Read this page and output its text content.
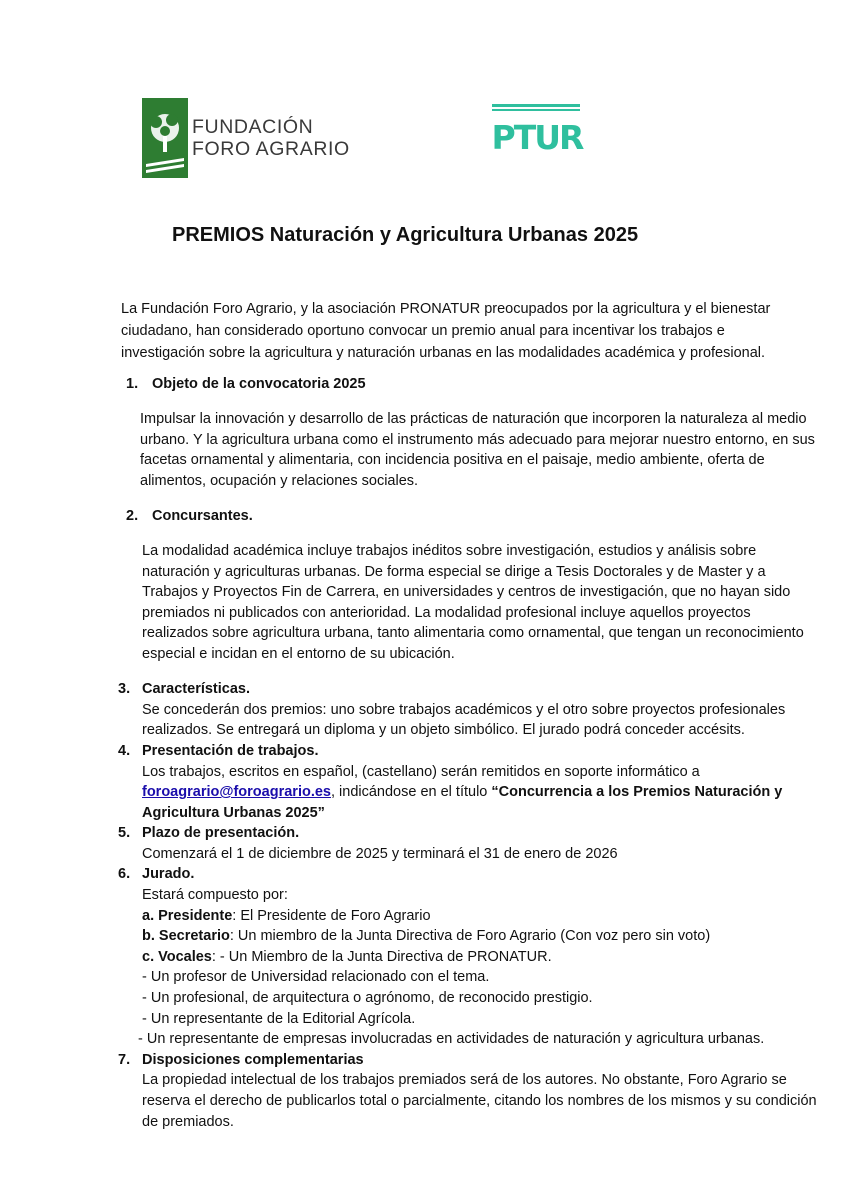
FUNDACIÓN
FORO AGRARIO	PTUR
PREMIOS Naturación y Agricultura Urbanas 2025

La Fundación Foro Agrario, y la asociación PRONATUR preocupados por la agricultura y el bienestar ciudadano, han considerado oportuno convocar un premio anual para incentivar los trabajos e investigación sobre la agricultura y naturación urbanas en las modalidades académica y profesional.

1. Objeto de la convocatoria 2025

Impulsar la innovación y desarrollo de las prácticas de naturación que incorporen la naturaleza al medio urbano. Y la agricultura urbana como el instrumento más adecuado para mejorar nuestro entorno, en sus facetas ornamental y alimentaria, con incidencia positiva en el paisaje, medio ambiente, oferta de alimentos, ocupación y relaciones sociales.

2. Concursantes.

La modalidad académica incluye trabajos inéditos sobre investigación, estudios y análisis sobre naturación y agriculturas urbanas. De forma especial se dirige a Tesis Doctorales y de Master y a Trabajos y Proyectos Fin de Carrera, en universidades y centros de investigación, que no hayan sido premiados ni publicados con anterioridad. La modalidad profesional incluye aquellos proyectos realizados sobre agricultura urbana, tanto alimentaria como ornamental, que tengan un reconocimiento especial e incidan en el entorno de su ubicación.

3. Características.

Se concederán dos premios: uno sobre trabajos académicos y el otro sobre proyectos profesionales realizados. Se entregará un diploma y un objeto simbólico. El jurado podrá conceder accésits.

4. Presentación de trabajos.

Los trabajos, escritos en español, (castellano) serán remitidos en soporte informático a foroagrario@foroagrario.es, indicándose en el título “Concurrencia a los Premios Naturación y Agricultura Urbanas 2025”

5. Plazo de presentación.

Comenzará el 1 de diciembre de 2025 y terminará el 31 de enero de 2026

6. Jurado.

Estará compuesto por:

a. Presidente: El Presidente de Foro Agrario

b. Secretario: Un miembro de la Junta Directiva de Foro Agrario (Con voz pero sin voto)

c. Vocales: - Un Miembro de la Junta Directiva de PRONATUR.

- Un profesor de Universidad relacionado con el tema.

- Un profesional, de arquitectura o agrónomo, de reconocido prestigio.

- Un representante de la Editorial Agrícola.

- Un representante de empresas involucradas en actividades de naturación y agricultura urbanas.

7. Disposiciones complementarias

La propiedad intelectual de los trabajos premiados será de los autores. No obstante, Foro Agrario se reserva el derecho de publicarlos total o parcialmente, citando los nombres de los mismos y su condición de premiados.
